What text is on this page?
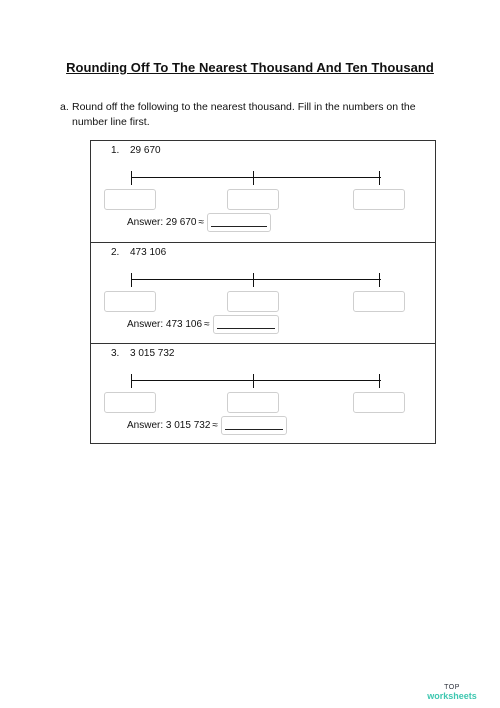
Rounding Off To The Nearest Thousand And Ten Thousand
a. Round off the following to the nearest thousand. Fill in the numbers on the number line first.
1. 29 670
Answer: 29 670 ≈
2. 473 106
Answer: 473 106 ≈
3. 3 015 732
Answer: 3 015 732 ≈
TOP
worksheets
